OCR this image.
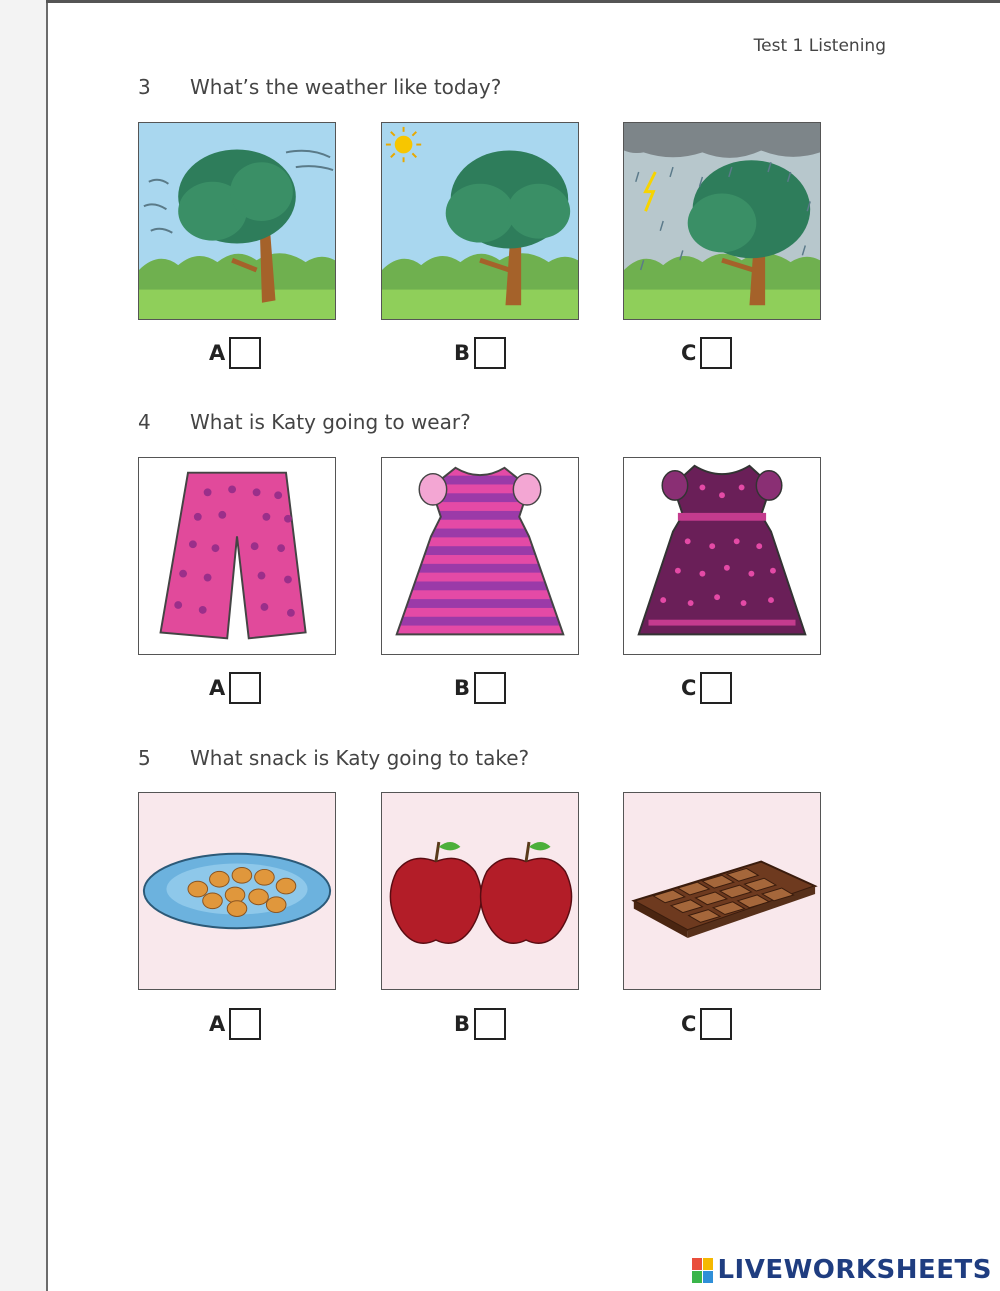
Test 1 Listening
3 What’s the weather like today?
A	B	C
4 What is Katy going to wear?
A	B	C
5 What snack is Katy going to take?
A	B	C
LIVEWORKSHEETS
